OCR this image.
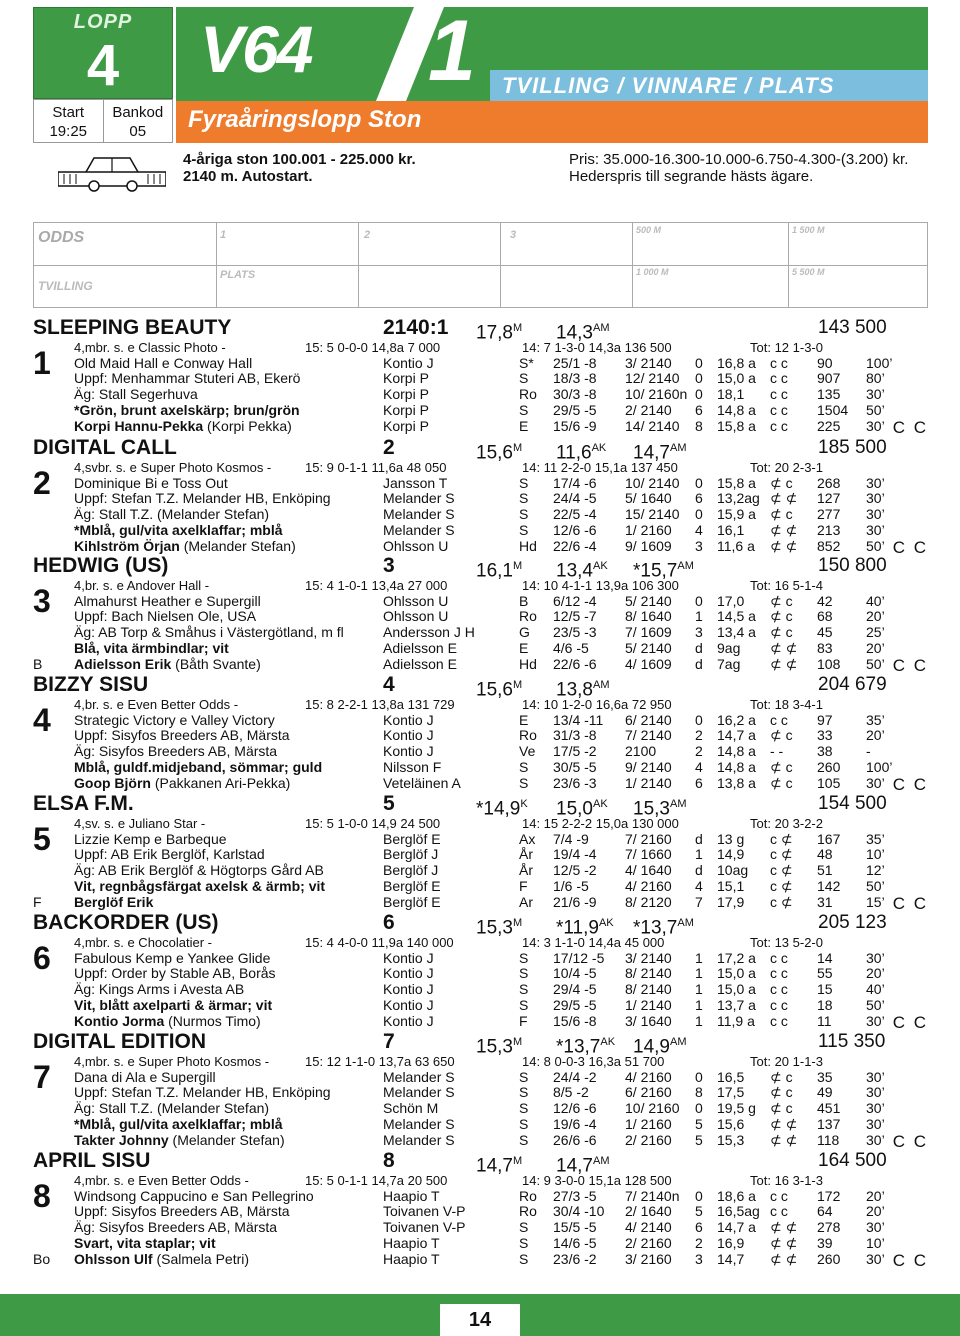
LOPP
4
Start
19:25
Bankod
05
V64 1	TVILLING / VINNARE / PLATS
Fyraåringslopp Ston
4-åriga ston 100.001 - 225.000 kr.
2140 m. Autostart.
Pris: 35.000-16.300-10.000-6.750-4.300-(3.200) kr.
Hederspris till segrande hästs ägare.
ODDS
TVILLING
1	2	3	500 M	1 500 M
PLATS	1 000 M	5 500 M
SLEEPING BEAUTY	2140:1 $17,8^M$ $14,3^{AM}$	143 500
1 4,mbr. s. e Classic Photo -	15: 5 0-0-0 14,8a 7 000	14: 7 1-3-0 14,3a 136 500	Tot: 12 1-3-0
Old Maid Hall e Conway Hall
Uppf: Menhammar Stuteri AB, Ekerö
Äg: Stall Segerhuva
*Grön, brunt axelskärp; brun/grön
Korpi Hannu-Pekka (Korpi Pekka)
Kontio J	S* 25/1 -8 3/ 2140 0 16,8 a ᴄ ᴄ 90 100’
Korpi P	S 18/3 -8 12/ 2140 0 15,0 a ᴄ ᴄ 907 80’
Korpi P	Ro 30/3 -8 10/ 2160n 0 18,1 ᴄ ᴄ 135 30’
Korpi P	S 29/5 -5 2/ 2140 6 14,8 a ᴄ ᴄ 1504 50’
Korpi P	E 15/6 -9 14/ 2140 8 15,8 a ᴄ ᴄ 225 30’ C C
DIGITAL CALL	2	$15,6^M$ $11,6^{AK}$ $14,7^{AM}$	185 500
2 4,svbr. s. e Super Photo Kosmos -	15: 9 0-1-1 11,6a 48 050	14: 11 2-2-0 15,1a 137 450	Tot: 20 2-3-1
Dominique Bi e Toss Out
Uppf: Stefan T.Z. Melander HB, Enköping
Äg: Stall T.Z. (Melander Stefan)
*Mblå, gul/vita axelklaffar; mblå
Kihlström Örjan (Melander Stefan)
Jansson T	S 17/4 -6 10/ 2140 0 15,8 a ⊄ ᴄ 268 30’
Melander S	S 24/4 -5 5/ 1640 6 13,2ag ⊄ ⊄ 127 30’
Melander S	S 22/5 -4 15/ 2140 0 15,9 a ⊄ ᴄ 277 30’
Melander S	S 12/6 -6 1/ 2160 4 16,1 ⊄ ⊄ 213 30’
Ohlsson U	Hd 22/6 -4 9/ 1609 3 11,6 a ⊄ ⊄ 852 50’ C C
HEDWIG (US)	3	$16,1^M$ $13,4^{AK}$ $*15,7^{AM}$	150 800
3
B
4,br. s. e Andover Hall -	15: 4 1-0-1 13,4a 27 000	14: 10 4-1-1 13,9a 106 300	Tot: 16 5-1-4
Almahurst Heather e Supergill
Uppf: Bach Nielsen Ole, USA
Äg: AB Torp & Småhus i Västergötland, m fl
Blå, vita ärmbindlar; vit
Adielsson Erik (Båth Svante)
Ohlsson U	B 6/12 -4 5/ 2140 0 17,0 ⊄ ᴄ 42 40’
Ohlsson U	Ro 12/5 -7 8/ 1640 1 14,5 a ⊄ ᴄ 68 20’
Andersson J H	G 23/5 -3 7/ 1609 3 13,4 a ⊄ ᴄ 45 25’
Adielsson E	E 4/6 -5	5/ 2140 d 9ag ⊄ ⊄ 83 20’
Adielsson E	Hd 22/6 -6 4/ 1609 d 7ag ⊄ ⊄ 108 50’ C C
BIZZY SISU	4	$15,6^M$ $13,8^{AM}$	204 679
4 4,br. s. e Even Better Odds -	15: 8 2-2-1 13,8a 131 729	14: 10 1-2-0 16,6a 72 950	Tot: 18 3-4-1
Strategic Victory e Valley Victory
Uppf: Sisyfos Breeders AB, Märsta
Äg: Sisyfos Breeders AB, Märsta
Mblå, guldf.midjeband, sömmar; guld
Goop Björn (Pakkanen Ari-Pekka)
Kontio J	E 13/4 -11 6/ 2140 0 16,2 a ᴄ ᴄ 97 35’
Kontio J	Ro 31/3 -8 7/ 2140 2 14,7 a ⊄ ᴄ 33 20’
Kontio J	Ve 17/5 -2 2100	2 14,8 a - - 38 -
Nilsson F	S 30/5 -5 9/ 2140 4 14,8 a ⊄ ᴄ 260 100’
Veteläinen A	S 23/6 -3 1/ 2140 6 13,8 a ⊄ ᴄ 105 30’ C C
ELSA F.M.	5	$*14,9^K$ $15,0^{AK}$ $15,3^{AM}$	154 500
5
F
4,sv. s. e Juliano Star -	15: 5 1-0-0 14,9 24 500	14: 15 2-2-2 15,0a 130 000	Tot: 20 3-2-2
Lizzie Kemp e Barbeque
Uppf: AB Erik Berglöf, Karlstad
Äg: AB Erik Berglöf & Högtorps Gård AB
Vit, regnbågsfärgat axelsk & ärmb; vit
Berglöf Erik
Berglöf E	Ax 7/4 -9	7/ 2160 d 13 g ᴄ ⊄ 167 35’
Berglöf J	År 19/4 -4 7/ 1660 1 14,9 ᴄ ⊄ 48 10’
Berglöf J	År 12/5 -2 4/ 1640 d 10ag ᴄ ⊄ 51 12’
Berglöf E	F 1/6 -5	4/ 2160 4 15,1 ᴄ ⊄ 142 50’
Berglöf E	Ar 21/6 -9 8/ 2120 7 17,9 ᴄ ⊄ 31 15’ C C
BACKORDER (US)	6	$15,3^M$ $*11,9^{AK}$ $*13,7^{AM}$	205 123
6 4,mbr. s. e Chocolatier -	15: 4 4-0-0 11,9a 140 000	14: 3 1-1-0 14,4a 45 000	Tot: 13 5-2-0
Fabulous Kemp e Yankee Glide
Uppf: Order by Stable AB, Borås
Äg: Kings Arms i Avesta AB
Vit, blått axelparti & ärmar; vit
Kontio Jorma (Nurmos Timo)
Kontio J	S 17/12 -5 3/ 2140 1 17,2 a ᴄ ᴄ 14 30’
Kontio J	S 10/4 -5 8/ 2140 1 15,0 a ᴄ ᴄ 55 20’
Kontio J	S 29/4 -5 8/ 2140 1 15,0 a ᴄ ᴄ 15 40’
Kontio J	S 29/5 -5 1/ 2140 1 13,7 a ᴄ ᴄ 18 50’
Kontio J	F 15/6 -8 3/ 1640 1 11,9 a ᴄ ᴄ 11 30’ C C
DIGITAL EDITION	7	$15,3^M$ $*13,7^{AK}$ $14,9^{AM}$	115 350
7 4,mbr. s. e Super Photo Kosmos -	15: 12 1-1-0 13,7a 63 650	14: 8 0-0-3 16,3a 51 700	Tot: 20 1-1-3
Dana di Ala e Supergill
Uppf: Stefan T.Z. Melander HB, Enköping
Äg: Stall T.Z. (Melander Stefan)
*Mblå, gul/vita axelklaffar; mblå
Takter Johnny (Melander Stefan)
Melander S	S 24/4 -2 4/ 2160 0 16,5 ⊄ ᴄ 35 30’
Melander S	S 8/5 -2	6/ 2160 8 17,5 ⊄ ᴄ 49 30’
Schön M	S 12/6 -6 10/ 2160 0 19,5 g ⊄ ᴄ 451 30’
Melander S	S 19/6 -4 1/ 2160 5 15,6 ⊄ ⊄ 137 30’
Melander S	S 26/6 -6 2/ 2160 5 15,3 ⊄ ⊄ 118 30’ C C
APRIL SISU	8	$14,7^M$ $14,7^{AM}$	164 500
8
Bo
4,mbr. s. e Even Better Odds -	15: 5 0-1-1 14,7a 20 500	14: 9 3-0-0 15,1a 128 500	Tot: 16 3-1-3
Windsong Cappucino e San Pellegrino
Uppf: Sisyfos Breeders AB, Märsta
Äg: Sisyfos Breeders AB, Märsta
Svart, vita staplar; vit
Ohlsson Ulf (Salmela Petri)
Haapio T	Ro 27/3 -5 7/ 2140n 0 18,6 a ᴄ ᴄ 172 20’
Toivanen V-P	Ro 30/4 -10 2/ 1640 5 16,5ag ᴄ ᴄ 64 20’
Toivanen V-P	S 15/5 -5 4/ 2140 6 14,7 a ⊄ ⊄ 278 30’
Haapio T	S 14/6 -5 2/ 2160 2 16,9 ⊄ ⊄ 39 10’
Haapio T	S 23/6 -2 3/ 2160 3 14,7 ⊄ ⊄ 260 30’ C C
14
